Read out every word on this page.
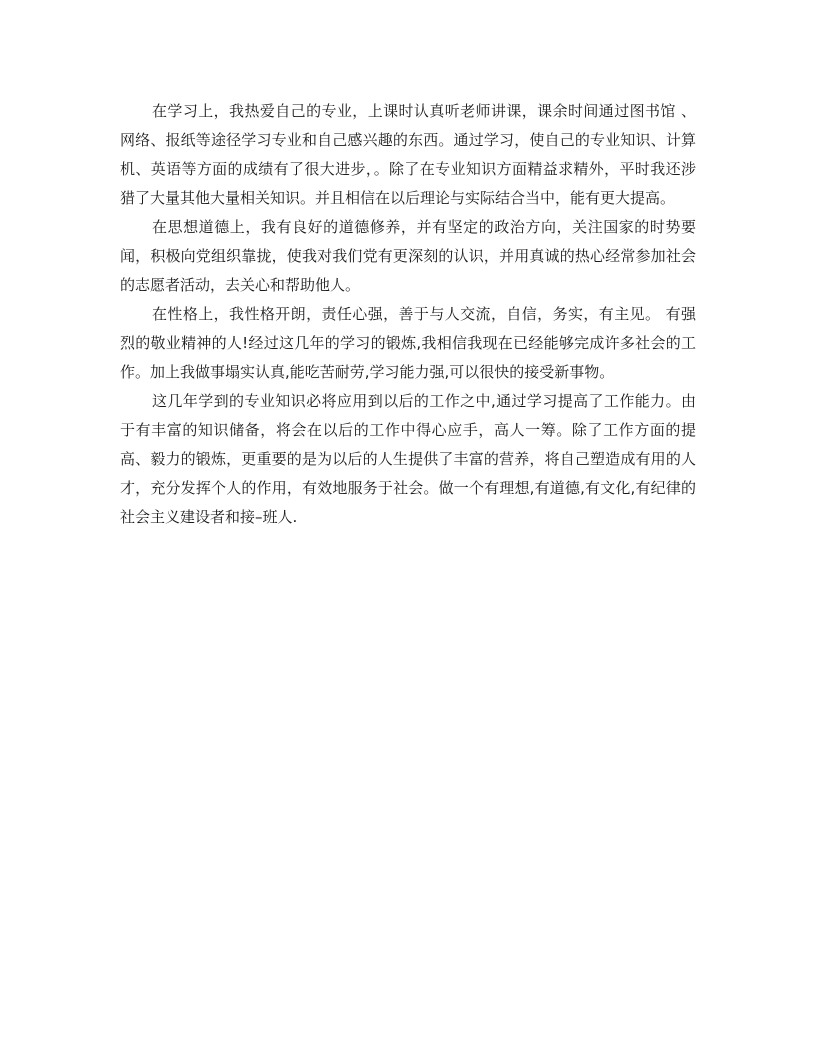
在学习上，我热爱自己的专业，上课时认真听老师讲课，课余时间通过图书馆 、网络、报纸等途径学习专业和自己感兴趣的东西。通过学习，使自己的专业知识、计算机、英语等方面的成绩有了很大进步，。除了在专业知识方面精益求精外，平时我还涉猎了大量其他大量相关知识。并且相信在以后理论与实际结合当中，能有更大提高。

在思想道德上，我有良好的道德修养，并有坚定的政治方向，关注国家的时势要闻，积极向党组织靠拢，使我对我们党有更深刻的认识，并用真诚的热心经常参加社会的志愿者活动，去关心和帮助他人。

在性格上，我性格开朗，责任心强，善于与人交流，自信，务实，有主见。 有强烈的敬业精神的人!经过这几年的学习的锻炼,我相信我现在已经能够完成许多社会的工作。加上我做事塌实认真,能吃苦耐劳,学习能力强,可以很快的接受新事物。

这几年学到的专业知识必将应用到以后的工作之中,通过学习提高了工作能力。由于有丰富的知识储备，将会在以后的工作中得心应手，高人一筹。除了工作方面的提高、毅力的锻炼，更重要的是为以后的人生提供了丰富的营养，将自己塑造成有用的人才，充分发挥个人的作用，有效地服务于社会。做一个有理想,有道德,有文化,有纪律的社会主义建设者和接–班人.
